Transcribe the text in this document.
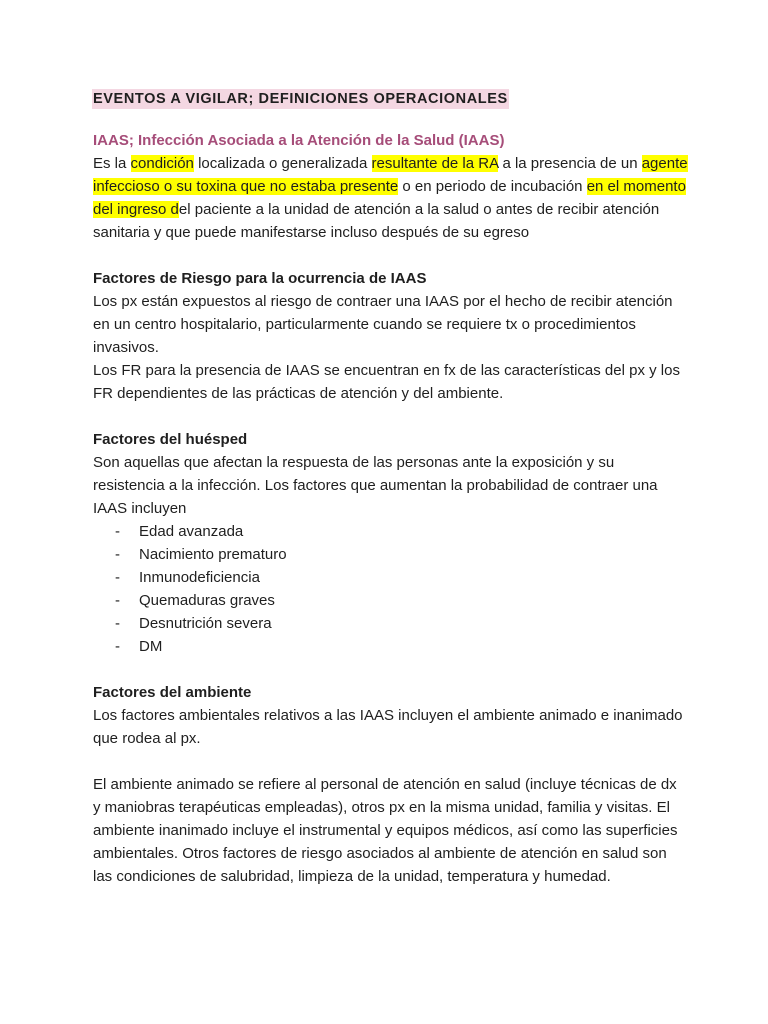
EVENTOS A VIGILAR; DEFINICIONES OPERACIONALES

IAAS; Infección Asociada a la Atención de la Salud (IAAS)

Es la condición localizada o generalizada resultante de la RA a la presencia de un agente infeccioso o su toxina que no estaba presente o en periodo de incubación en el momento del ingreso del paciente a la unidad de atención a la salud o antes de recibir atención sanitaria y que puede manifestarse incluso después de su egreso

Factores de Riesgo para la ocurrencia de IAAS

Los px están expuestos al riesgo de contraer una IAAS por el hecho de recibir atención en un centro hospitalario, particularmente cuando se requiere tx o procedimientos invasivos.

Los FR para la presencia de IAAS se encuentran en fx de las características del px y los FR dependientes de las prácticas de atención y del ambiente.

Factores del huésped

Son aquellas que afectan la respuesta de las personas ante la exposición y su resistencia a la infección. Los factores que aumentan la probabilidad de contraer una IAAS incluyen

- Edad avanzada
- Nacimiento prematuro
- Inmunodeficiencia
- Quemaduras graves
- Desnutrición severa
- DM

Factores del ambiente

Los factores ambientales relativos a las IAAS incluyen el ambiente animado e inanimado que rodea al px.

El ambiente animado se refiere al personal de atención en salud (incluye técnicas de dx y maniobras terapéuticas empleadas), otros px en la misma unidad, familia y visitas. El ambiente inanimado incluye el instrumental y equipos médicos, así como las superficies ambientales. Otros factores de riesgo asociados al ambiente de atención en salud son las condiciones de salubridad, limpieza de la unidad, temperatura y humedad.
